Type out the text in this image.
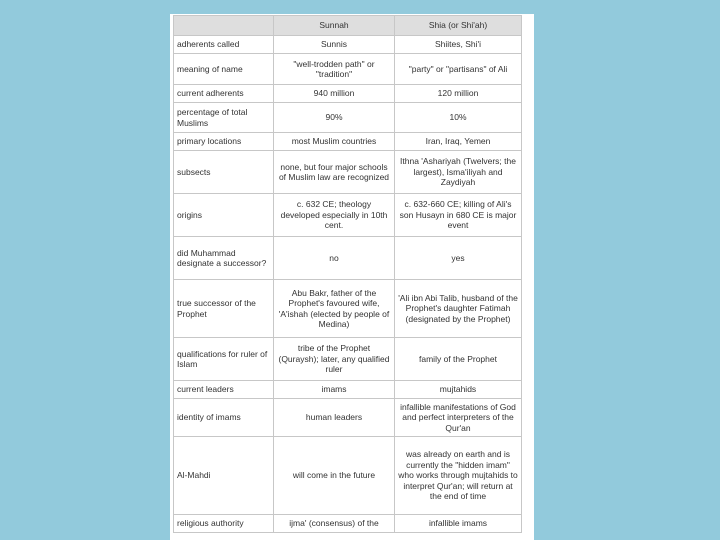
	Sunnah	Shia (or Shi'ah)
adherents called	Sunnis	Shiites, Shi'i
meaning of name	"well-trodden path" or "tradition"	"party" or "partisans" of Ali
current adherents	940 million	120 million
percentage of total Muslims	90%	10%
primary locations	most Muslim countries	Iran, Iraq, Yemen
subsects	none, but four major schools of Muslim law are recognized	Ithna 'Ashariyah (Twelvers; the largest), Isma'iliyah and Zaydiyah
origins	c. 632 CE; theology developed especially in 10th cent.	c. 632-660 CE; killing of Ali's son Husayn in 680 CE is major event
did Muhammad designate a successor?	no	yes
true successor of the Prophet	Abu Bakr, father of the Prophet's favoured wife, 'A'ishah (elected by people of Medina)	'Ali ibn Abi Talib, husband of the Prophet's daughter Fatimah (designated by the Prophet)
qualifications for ruler of Islam	tribe of the Prophet (Quraysh); later, any qualified ruler	family of the Prophet
current leaders	imams	mujtahids
identity of imams	human leaders	infallible manifestations of God and perfect interpreters of the Qur'an
Al-Mahdi	will come in the future	was already on earth and is currently the "hidden imam" who works through mujtahids to interpret Qur'an; will return at the end of time
religious authority	ijma' (consensus) of the	infallible imams
